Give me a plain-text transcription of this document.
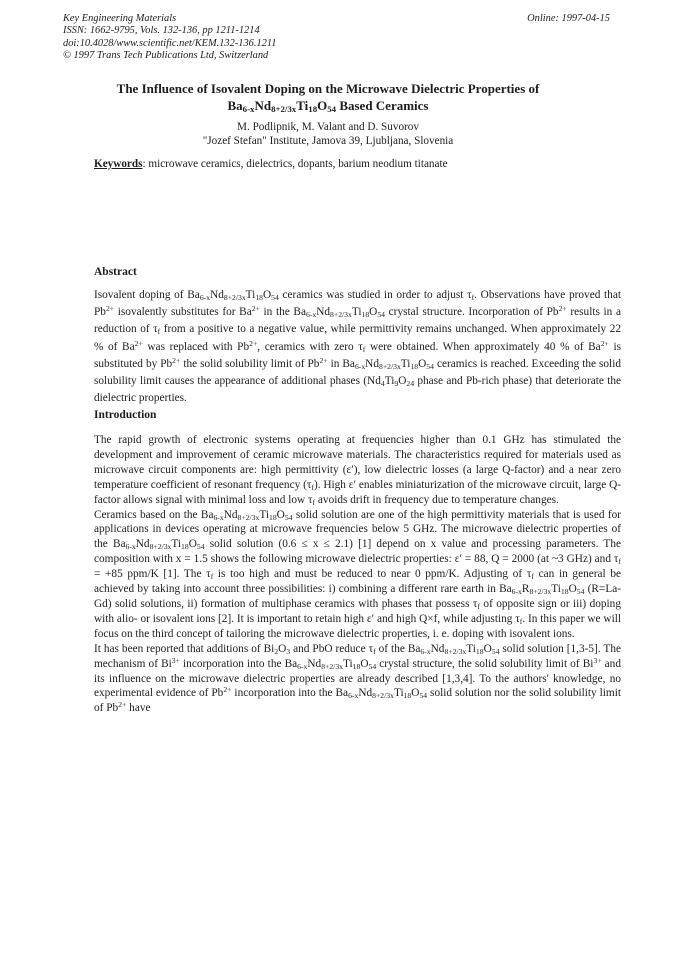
Key Engineering Materials
ISSN: 1662-9795, Vols. 132-136, pp 1211-1214
doi:10.4028/www.scientific.net/KEM.132-136.1211
© 1997 Trans Tech Publications Ltd, Switzerland
Online: 1997-04-15
The Influence of Isovalent Doping on the Microwave Dielectric Properties of
$Ba_{6-x}Nd_{8+2/3x}Ti_{18}O_{54}$ Based Ceramics
M. Podlipnik, M. Valant and D. Suvorov
"Jozef Stefan" Institute, Jamova 39, Ljubljana, Slovenia
Keywords: microwave ceramics, dielectrics, dopants, barium neodium titanate
Abstract
Isovalent doping of $Ba_{6-x}Nd_{8+2/3x}Ti_{18}O_{54}$ ceramics was studied in order to adjust $\tau_f$. Observations have proved that $Pb^{2+}$ isovalently substitutes for $Ba^{2+}$ in the $Ba_{6-x}Nd_{8+2/3x}Ti_{18}O_{54}$ crystal structure. Incorporation of $Pb^{2+}$ results in a reduction of $\tau_f$ from a positive to a negative value, while permittivity remains unchanged. When approximately 22 % of $Ba^{2+}$ was replaced with $Pb^{2+}$, ceramics with zero $\tau_f$ were obtained. When approximately 40 % of $Ba^{2+}$ is substituted by $Pb^{2+}$ the solid solubility limit of $Pb^{2+}$ in $Ba_{6-x}Nd_{8+2/3x}Ti_{18}O_{54}$ ceramics is reached. Exceeding the solid solubility limit causes the appearance of additional phases ($Nd_4Ti_9O_{24}$ phase and Pb-rich phase) that deteriorate the dielectric properties.
Introduction

The rapid growth of electronic systems operating at frequencies higher than 0.1 GHz has stimulated the development and improvement of ceramic microwave materials. The characteristics required for materials used as microwave circuit components are: high permittivity (ε′), low dielectric losses (a large Q-factor) and a near zero temperature coefficient of resonant frequency $(\tau_f)$. High ε′ enables miniaturization of the microwave circuit, large Q-factor allows signal with minimal loss and low $\tau_f$ avoids drift in frequency due to temperature changes.

Ceramics based on the $Ba_{6-x}Nd_{8+2/3x}Ti_{18}O_{54}$ solid solution are one of the high permittivity materials that is used for applications in devices operating at microwave frequencies below 5 GHz. The microwave dielectric properties of the $Ba_{6-x}Nd_{8+2/3x}Ti_{18}O_{54}$ solid solution (0.6 ≤ x ≤ 2.1) [1] depend on x value and processing parameters. The composition with x = 1.5 shows the following microwave dielectric properties: ε′ = 88, Q = 2000 (at ~3 GHz) and $\tau_f = +85$ ppm/K [1]. The $\tau_f$ is too high and must be reduced to near 0 ppm/K. Adjusting of $\tau_f$ can in general be achieved by taking into account three possibilities: i) combining a different rare earth in $Ba_{6-x}R_{8+2/3x}Ti_{18}O_{54}$ (R=La-Gd) solid solutions, ii) formation of multiphase ceramics with phases that possess $\tau_f$ of opposite sign or iii) doping with alio- or isovalent ions [2]. It is important to retain high ε′ and high Q×f, while adjusting $\tau_f$. In this paper we will focus on the third concept of tailoring the microwave dielectric properties, i. e. doping with isovalent ions.

It has been reported that additions of $Bi_2O_3$ and PbO reduce $\tau_f$ of the $Ba_{6-x}Nd_{8+2/3x}Ti_{18}O_{54}$ solid solution [1,3-5]. The mechanism of $Bi^{3+}$ incorporation into the $Ba_{6-x}Nd_{8+2/3x}Ti_{18}O_{54}$ crystal structure, the solid solubility limit of $Bi^{3+}$ and its influence on the microwave dielectric properties are already described [1,3,4]. To the authors' knowledge, no experimental evidence of $Pb^{2+}$ incorporation into the $Ba_{6-x}Nd_{8+2/3x}Ti_{18}O_{54}$ solid solution nor the solid solubility limit of $Pb^{2+}$ have
